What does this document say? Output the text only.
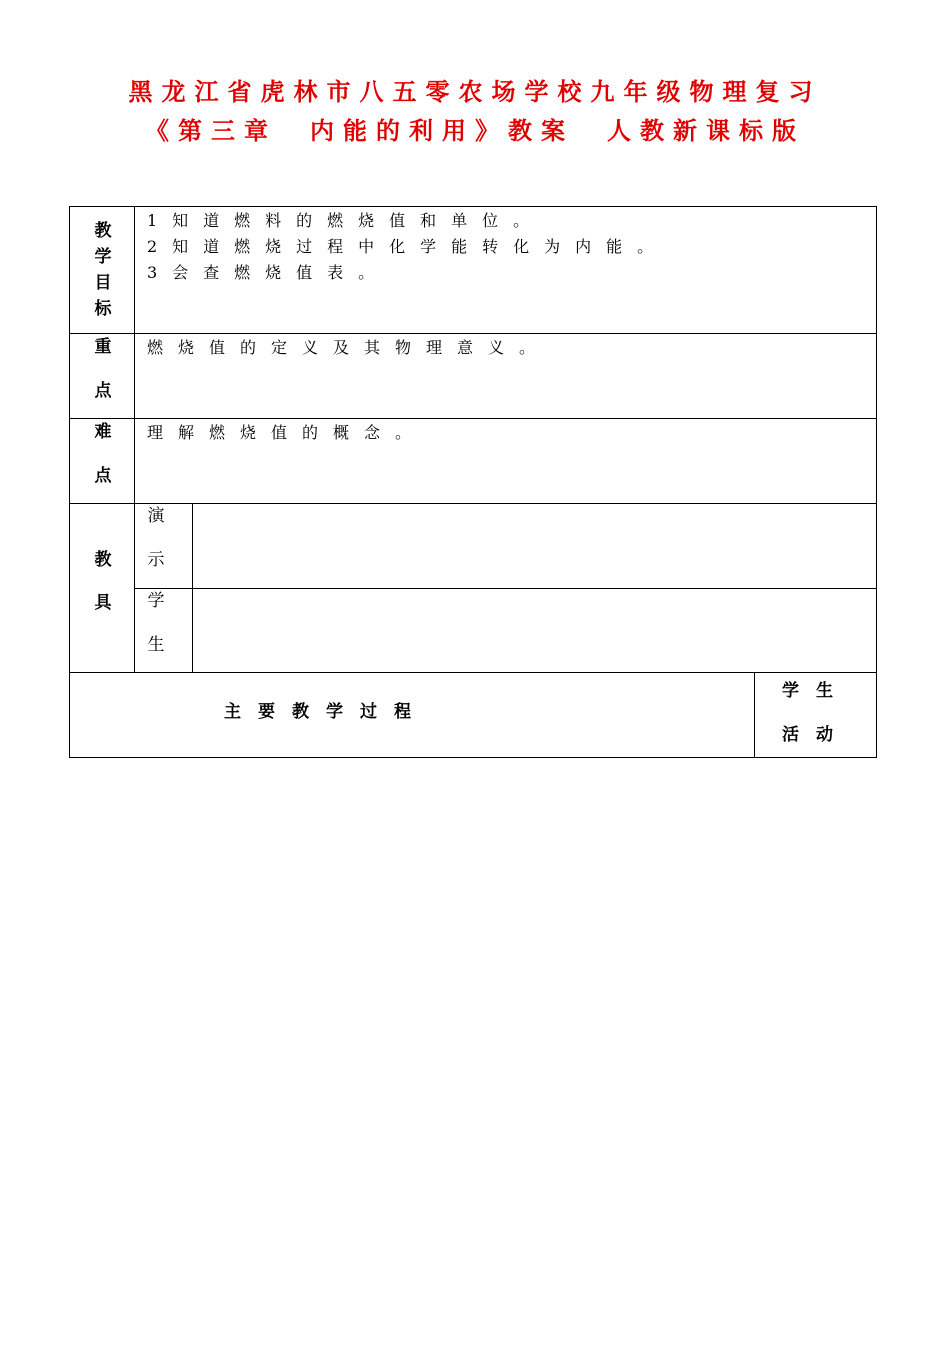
黑龙江省虎林市八五零农场学校九年级物理复习
《第三章　内能的利用》教案　人教新课标版
教
学
目
标
1知道燃料的燃烧值和单位。
2知道燃烧过程中化学能转化为内能。
3会查燃烧值表。
重
点
燃烧值的定义及其物理意义。
难
点
理解燃烧值的概念。
教
具
演
示
学
生
主　要　教　学　过　程
学　生
活　动
